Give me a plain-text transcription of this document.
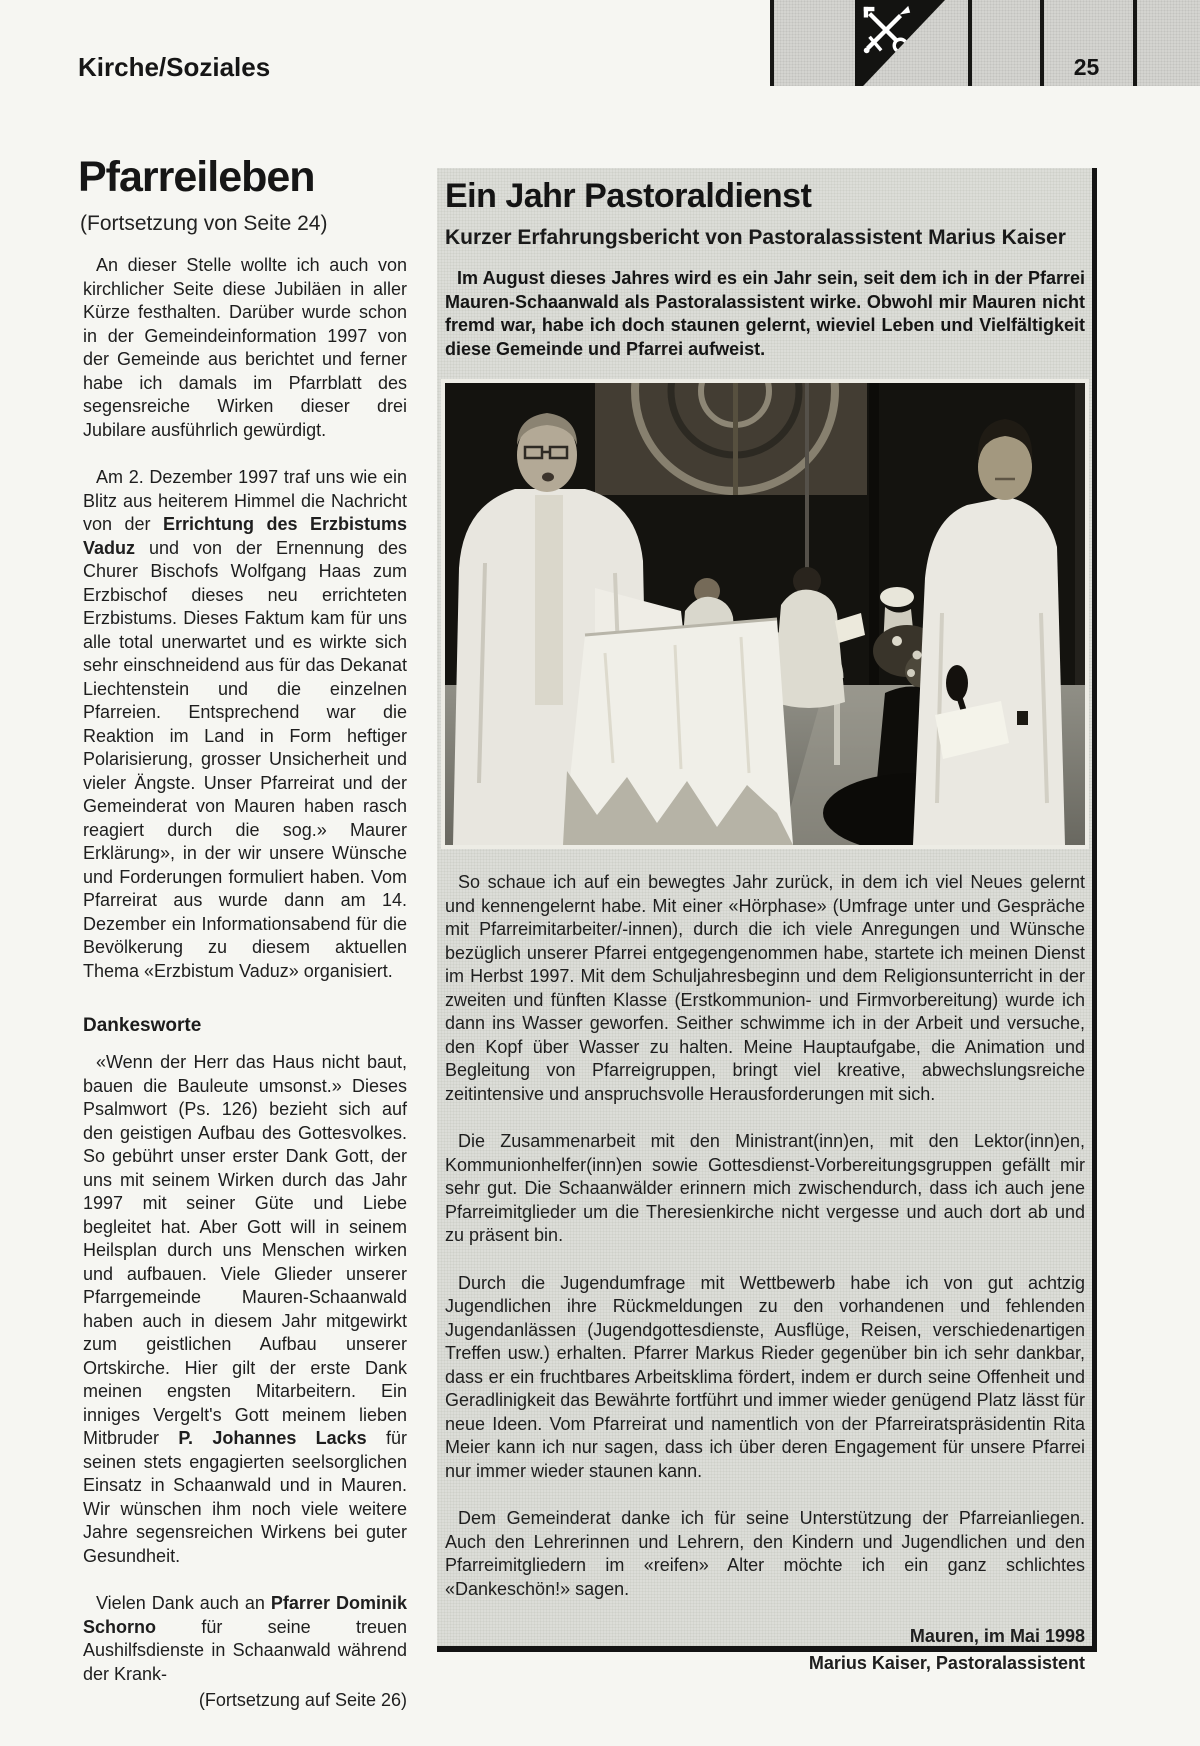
25
Kirche/Soziales
Pfarreileben
(Fortsetzung von Seite 24)

An dieser Stelle wollte ich auch von kirchlicher Seite diese Jubiläen in aller Kürze festhalten. Darüber wurde schon in der Gemeindeinformation 1997 von der Gemeinde aus berichtet und ferner habe ich damals im Pfarrblatt des segensreiche Wirken dieser drei Jubilare ausführlich gewürdigt.

Am 2. Dezember 1997 traf uns wie ein Blitz aus heiterem Himmel die Nachricht von der Errichtung des Erzbistums Vaduz und von der Ernennung des Churer Bischofs Wolfgang Haas zum Erzbischof dieses neu errichteten Erzbistums. Dieses Faktum kam für uns alle total unerwartet und es wirkte sich sehr einschneidend aus für das Dekanat Liechtenstein und die einzelnen Pfarreien. Entsprechend war die Reaktion im Land in Form heftiger Polarisierung, grosser Unsicherheit und vieler Ängste. Unser Pfarreirat und der Gemeinderat von Mauren haben rasch reagiert durch die sog.» Maurer Erklärung», in der wir unsere Wünsche und Forderungen formuliert haben. Vom Pfarreirat aus wurde dann am 14. Dezember ein Informationsabend für die Bevölkerung zu diesem aktuellen Thema «Erzbistum Vaduz» organisiert.

Dankesworte

«Wenn der Herr das Haus nicht baut, bauen die Bauleute umsonst.» Dieses Psalmwort (Ps. 126) bezieht sich auf den geistigen Aufbau des Gottesvolkes. So gebührt unser erster Dank Gott, der uns mit seinem Wirken durch das Jahr 1997 mit seiner Güte und Liebe begleitet hat. Aber Gott will in seinem Heilsplan durch uns Menschen wirken und aufbauen. Viele Glieder unserer Pfarrgemeinde Mauren-Schaanwald haben auch in diesem Jahr mitgewirkt zum geistlichen Aufbau unserer Ortskirche. Hier gilt der erste Dank meinen engsten Mitarbeitern. Ein inniges Vergelt's Gott meinem lieben Mitbruder P. Johannes Lacks für seinen stets engagierten seelsorglichen Einsatz in Schaanwald und in Mauren. Wir wünschen ihm noch viele weitere Jahre segensreichen Wirkens bei guter Gesundheit.

Vielen Dank auch an Pfarrer Dominik Schorno für seine treuen Aushilfsdienste in Schaanwald während der Krank-

(Fortsetzung auf Seite 26)

Ein Jahr Pastoraldienst
Kurzer Erfahrungsbericht von Pastoralassistent Marius Kaiser

Im August dieses Jahres wird es ein Jahr sein, seit dem ich in der Pfarrei Mauren-Schaanwald als Pastoralassistent wirke. Obwohl mir Mauren nicht fremd war, habe ich doch staunen gelernt, wieviel Leben und Vielfältigkeit diese Gemeinde und Pfarrei aufweist.

So schaue ich auf ein bewegtes Jahr zurück, in dem ich viel Neues gelernt und kennengelernt habe. Mit einer «Hörphase» (Umfrage unter und Gespräche mit Pfarreimitarbeiter/-innen), durch die ich viele Anregungen und Wünsche bezüglich unserer Pfarrei entgegengenommen habe, startete ich meinen Dienst im Herbst 1997. Mit dem Schuljahresbeginn und dem Religionsunterricht in der zweiten und fünften Klasse (Erstkommunion- und Firmvorbereitung) wurde ich dann ins Wasser geworfen. Seither schwimme ich in der Arbeit und versuche, den Kopf über Wasser zu halten. Meine Hauptaufgabe, die Animation und Begleitung von Pfarreigruppen, bringt viel kreative, abwechslungsreiche zeitintensive und anspruchsvolle Herausforderungen mit sich.

Die Zusammenarbeit mit den Ministrant(inn)en, mit den Lektor(inn)en, Kommunionhelfer(inn)en sowie Gottesdienst-Vorbereitungsgruppen gefällt mir sehr gut. Die Schaanwälder erinnern mich zwischendurch, dass ich auch jene Pfarreimitglieder um die Theresienkirche nicht vergesse und auch dort ab und zu präsent bin.

Durch die Jugendumfrage mit Wettbewerb habe ich von gut achtzig Jugendlichen ihre Rückmeldungen zu den vorhandenen und fehlenden Jugendanlässen (Jugendgottesdienste, Ausflüge, Reisen, verschiedenartigen Treffen usw.) erhalten. Pfarrer Markus Rieder gegenüber bin ich sehr dankbar, dass er ein fruchtbares Arbeitsklima fördert, indem er durch seine Offenheit und Geradlinigkeit das Bewährte fortführt und immer wieder genügend Platz lässt für neue Ideen. Vom Pfarreirat und namentlich von der Pfarreiratspräsidentin Rita Meier kann ich nur sagen, dass ich über deren Engagement für unsere Pfarrei nur immer wieder staunen kann.

Dem Gemeinderat danke ich für seine Unterstützung der Pfarreianliegen. Auch den Lehrerinnen und Lehrern, den Kindern und Jugendlichen und den Pfarreimitgliedern im «reifen» Alter möchte ich ein ganz schlichtes «Dankeschön!» sagen.

Mauren, im Mai 1998

Marius Kaiser, Pastoralassistent
